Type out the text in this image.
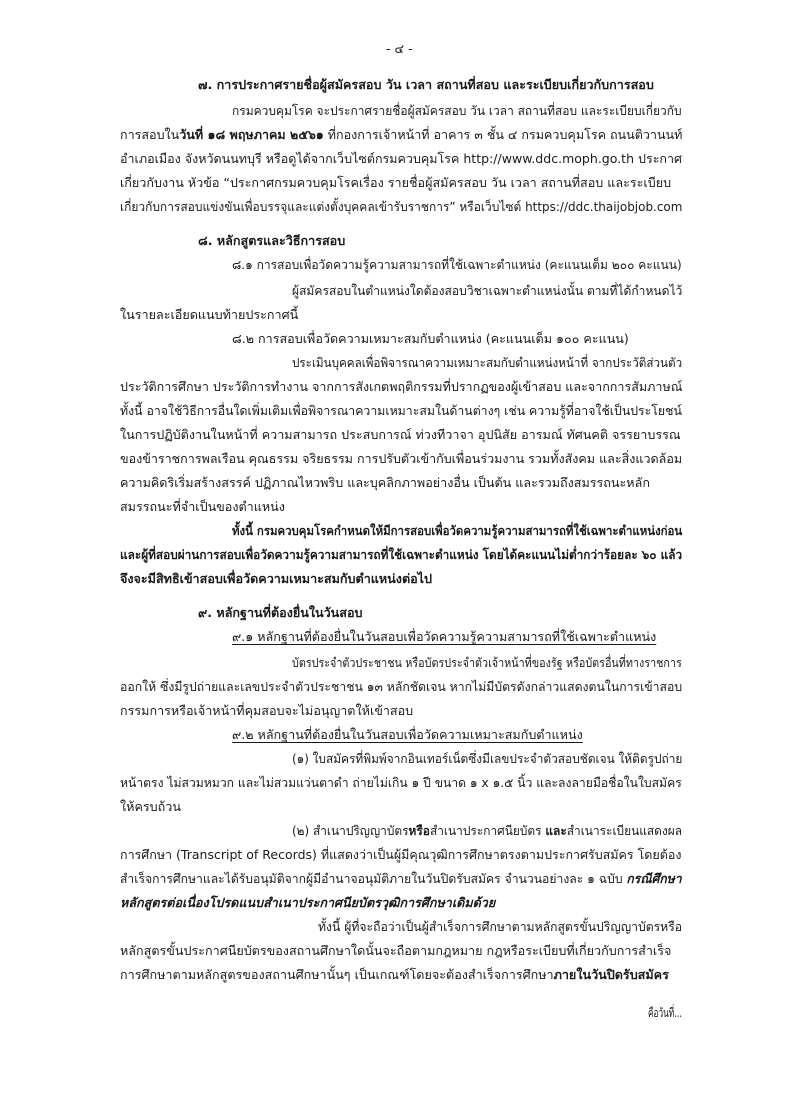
- ๔ -
๗. การประกาศรายชื่อผู้สมัครสอบ วัน เวลา สถานที่สอบ และระเบียบเกี่ยวกับการสอบ
กรมควบคุมโรค จะประกาศรายชื่อผู้สมัครสอบ วัน เวลา สถานที่สอบ และระเบียบเกี่ยวกับ
การสอบในวันที่ ๑๘ พฤษภาคม ๒๕๖๑ ที่กองการเจ้าหน้าที่ อาคาร ๓ ชั้น ๔ กรมควบคุมโรค ถนนติวานนท์
อำเภอเมือง จังหวัดนนทบุรี หรือดูได้จากเว็บไซต์กรมควบคุมโรค http://www.ddc.moph.go.th ประกาศ
เกี่ยวกับงาน หัวข้อ “ประกาศกรมควบคุมโรคเรื่อง รายชื่อผู้สมัครสอบ วัน เวลา สถานที่สอบ และระเบียบ
เกี่ยวกับการสอบแข่งขันเพื่อบรรจุและแต่งตั้งบุคคลเข้ารับราชการ” หรือเว็บไซต์ https://ddc.thaijobjob.com
๘. หลักสูตรและวิธีการสอบ
๘.๑ การสอบเพื่อวัดความรู้ความสามารถที่ใช้เฉพาะตำแหน่ง (คะแนนเต็ม ๒๐๐ คะแนน)
ผู้สมัครสอบในตำแหน่งใดต้องสอบวิชาเฉพาะตำแหน่งนั้น ตามที่ได้กำหนดไว้
ในรายละเอียดแนบท้ายประกาศนี้
๘.๒ การสอบเพื่อวัดความเหมาะสมกับตำแหน่ง (คะแนนเต็ม ๑๐๐ คะแนน)
ประเมินบุคคลเพื่อพิจารณาความเหมาะสมกับตำแหน่งหน้าที่ จากประวัติส่วนตัว
ประวัติการศึกษา ประวัติการทำงาน จากการสังเกตพฤติกรรมที่ปรากฏของผู้เข้าสอบ และจากการสัมภาษณ์
ทั้งนี้ อาจใช้วิธีการอื่นใดเพิ่มเติมเพื่อพิจารณาความเหมาะสมในด้านต่างๆ เช่น ความรู้ที่อาจใช้เป็นประโยชน์
ในการปฏิบัติงานในหน้าที่ ความสามารถ ประสบการณ์ ท่วงทีวาจา อุปนิสัย อารมณ์ ทัศนคติ จรรยาบรรณ
ของข้าราชการพลเรือน คุณธรรม จริยธรรม การปรับตัวเข้ากับเพื่อนร่วมงาน รวมทั้งสังคม และสิ่งแวดล้อม
ความคิดริเริ่มสร้างสรรค์ ปฏิภาณไหวพริบ และบุคลิกภาพอย่างอื่น เป็นต้น และรวมถึงสมรรถนะหลัก
สมรรถนะที่จำเป็นของตำแหน่ง
ทั้งนี้ กรมควบคุมโรคกำหนดให้มีการสอบเพื่อวัดความรู้ความสามารถที่ใช้เฉพาะตำแหน่งก่อน
และผู้ที่สอบผ่านการสอบเพื่อวัดความรู้ความสามารถที่ใช้เฉพาะตำแหน่ง โดยได้คะแนนไม่ต่ำกว่าร้อยละ ๖๐ แล้ว
จึงจะมีสิทธิเข้าสอบเพื่อวัดความเหมาะสมกับตำแหน่งต่อไป
๙. หลักฐานที่ต้องยื่นในวันสอบ
๙.๑ หลักฐานที่ต้องยื่นในวันสอบเพื่อวัดความรู้ความสามารถที่ใช้เฉพาะตำแหน่ง
บัตรประจำตัวประชาชน หรือบัตรประจำตัวเจ้าหน้าที่ของรัฐ หรือบัตรอื่นที่ทางราชการ
ออกให้ ซึ่งมีรูปถ่ายและเลขประจำตัวประชาชน ๑๓ หลักชัดเจน หากไม่มีบัตรดังกล่าวแสดงตนในการเข้าสอบ
กรรมการหรือเจ้าหน้าที่คุมสอบจะไม่อนุญาตให้เข้าสอบ
๙.๒ หลักฐานที่ต้องยื่นในวันสอบเพื่อวัดความเหมาะสมกับตำแหน่ง
(๑) ใบสมัครที่พิมพ์จากอินเทอร์เน็ตซึ่งมีเลขประจำตัวสอบชัดเจน ให้ติดรูปถ่าย
หน้าตรง ไม่สวมหมวก และไม่สวมแว่นตาดำ ถ่ายไม่เกิน ๑ ปี ขนาด ๑ x ๑.๕ นิ้ว และลงลายมือชื่อในใบสมัคร
ให้ครบถ้วน
(๒) สำเนาปริญญาบัตรหรือสำเนาประกาศนียบัตร และสำเนาระเบียนแสดงผล
การศึกษา (Transcript of Records) ที่แสดงว่าเป็นผู้มีคุณวุฒิการศึกษาตรงตามประกาศรับสมัคร โดยต้อง
สำเร็จการศึกษาและได้รับอนุมัติจากผู้มีอำนาจอนุมัติภายในวันปิดรับสมัคร จำนวนอย่างละ ๑ ฉบับ กรณีศึกษา
หลักสูตรต่อเนื่องโปรดแนบสำเนาประกาศนียบัตรวุฒิการศึกษาเดิมด้วย
ทั้งนี้ ผู้ที่จะถือว่าเป็นผู้สำเร็จการศึกษาตามหลักสูตรขั้นปริญญาบัตรหรือ
หลักสูตรขั้นประกาศนียบัตรของสถานศึกษาใดนั้นจะถือตามกฎหมาย กฎหรือระเบียบที่เกี่ยวกับการสำเร็จ
การศึกษาตามหลักสูตรของสถานศึกษานั้นๆ เป็นเกณฑ์โดยจะต้องสำเร็จการศึกษาภายในวันปิดรับสมัคร
คือวันที่...
